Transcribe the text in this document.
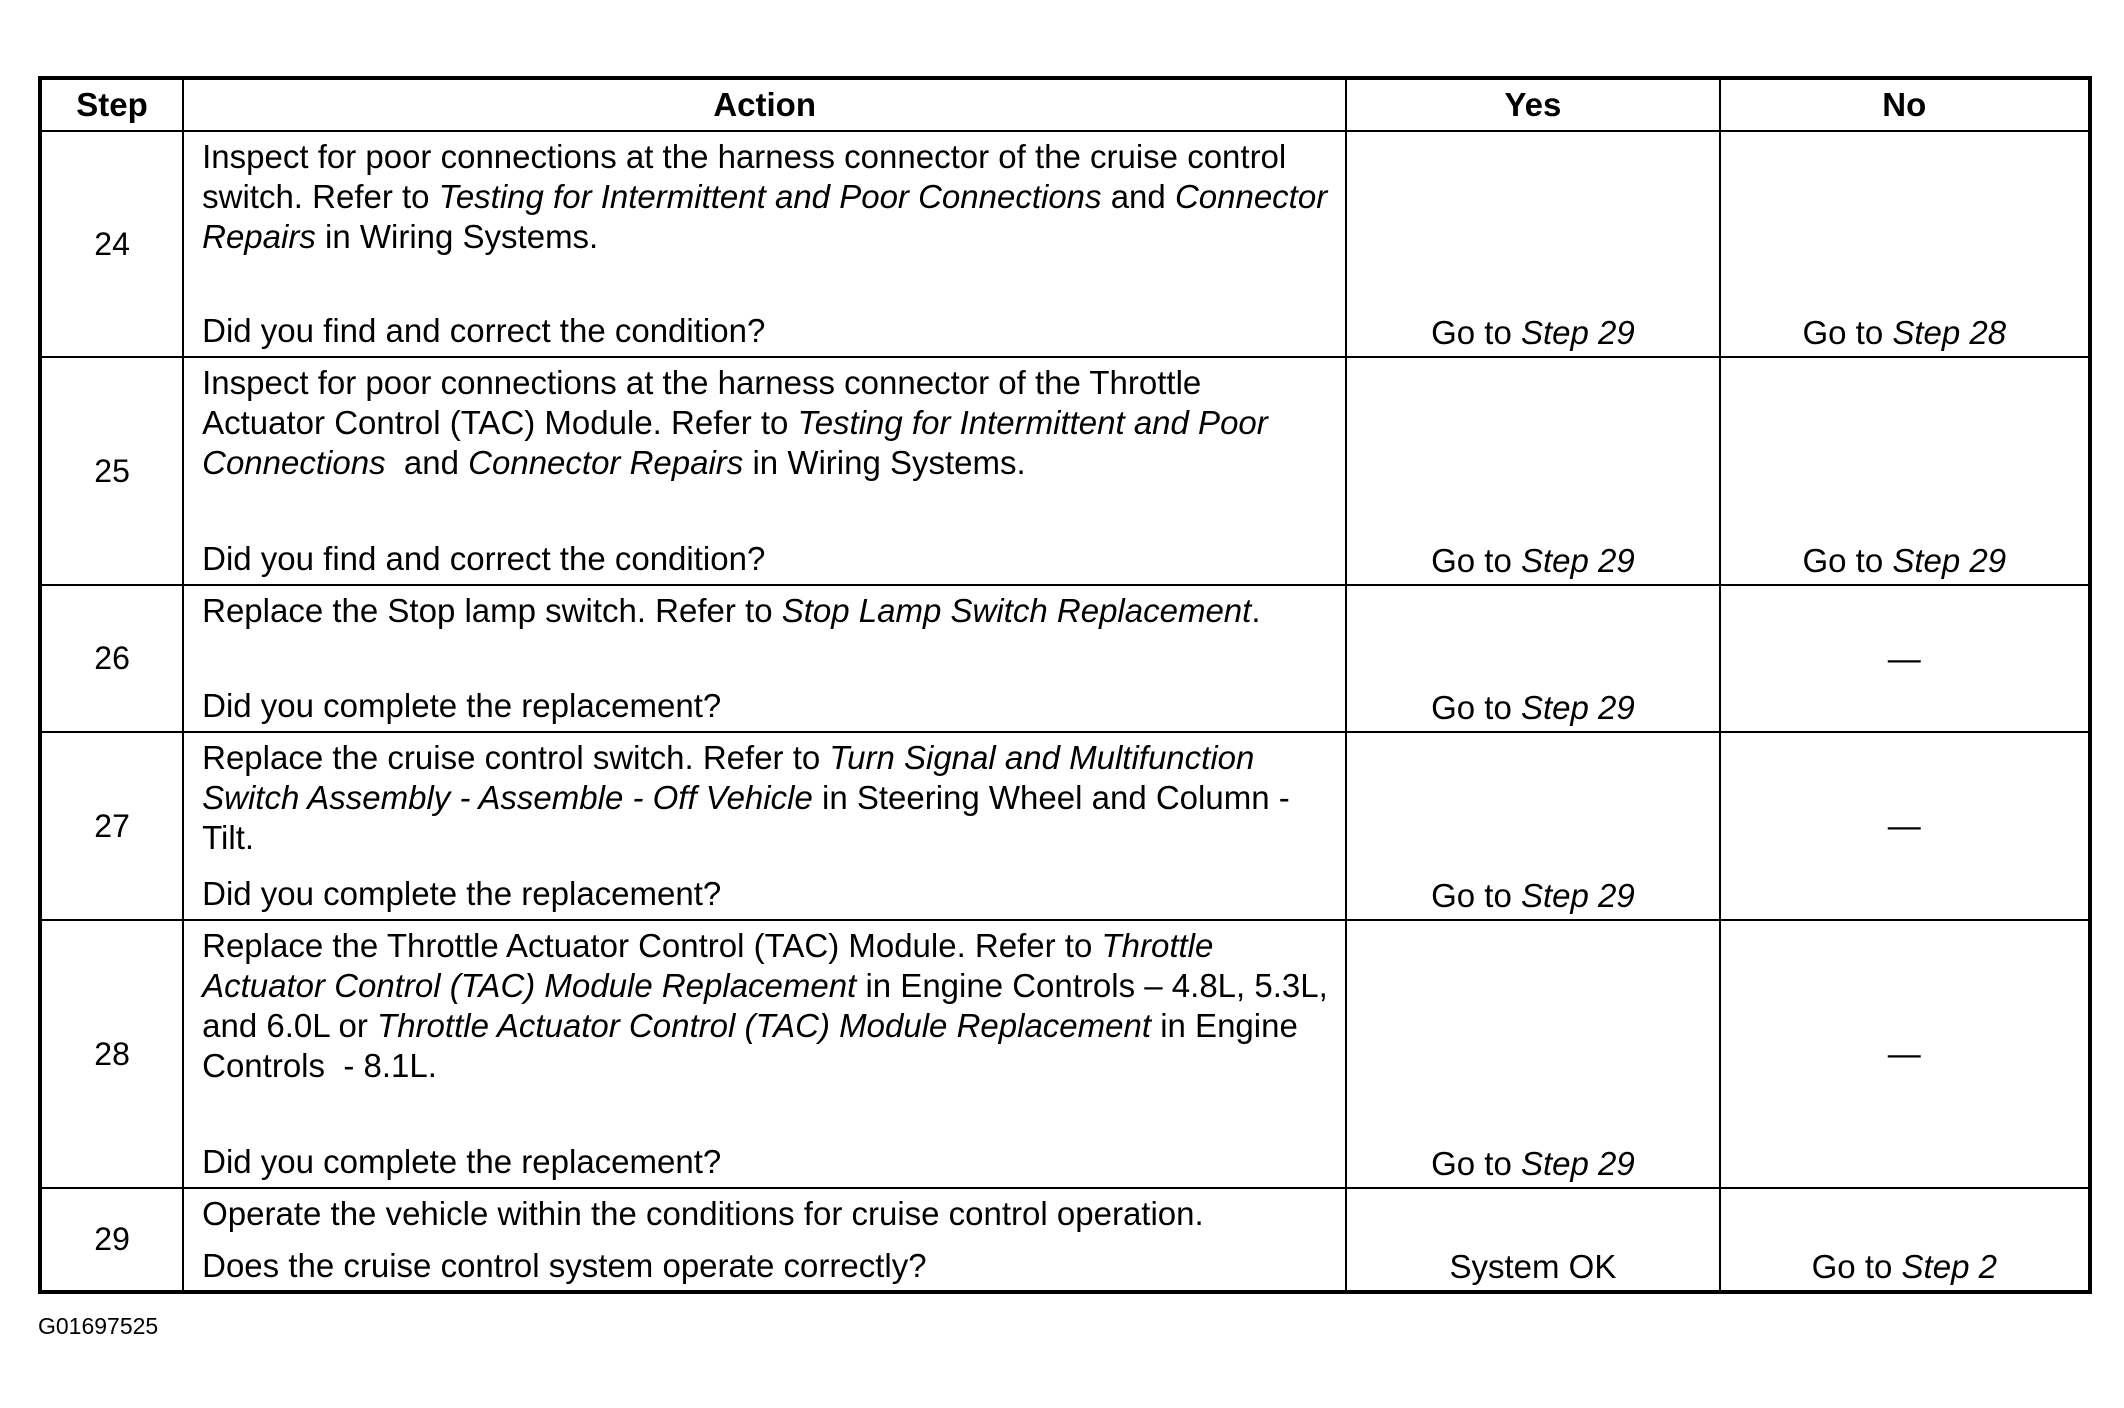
Step	Action	Yes	No
24	Inspect for poor connections at the harness connector of the cruise control switch. Refer to Testing for Intermittent and Poor Connections and Connector Repairs in Wiring Systems.

Did you find and correct the condition?	Go to Step 29	Go to Step 28
25	Inspect for poor connections at the harness connector of the Throttle Actuator Control (TAC) Module. Refer to Testing for Intermittent and Poor Connections  and Connector Repairs in Wiring Systems.

Did you find and correct the condition?	Go to Step 29	Go to Step 29
26	Replace the Stop lamp switch. Refer to Stop Lamp Switch Replacement.

Did you complete the replacement?	Go to Step 29	—
27	Replace the cruise control switch. Refer to Turn Signal and Multifunction Switch Assembly - Assemble - Off Vehicle in Steering Wheel and Column - Tilt.

Did you complete the replacement?	Go to Step 29	—
28	Replace the Throttle Actuator Control (TAC) Module. Refer to Throttle Actuator Control (TAC) Module Replacement in Engine Controls – 4.8L, 5.3L, and 6.0L or Throttle Actuator Control (TAC) Module Replacement in Engine Controls  - 8.1L.

Did you complete the replacement?	Go to Step 29	—
29	Operate the vehicle within the conditions for cruise control operation.

Does the cruise control system operate correctly?	System OK	Go to Step 2
G01697525
